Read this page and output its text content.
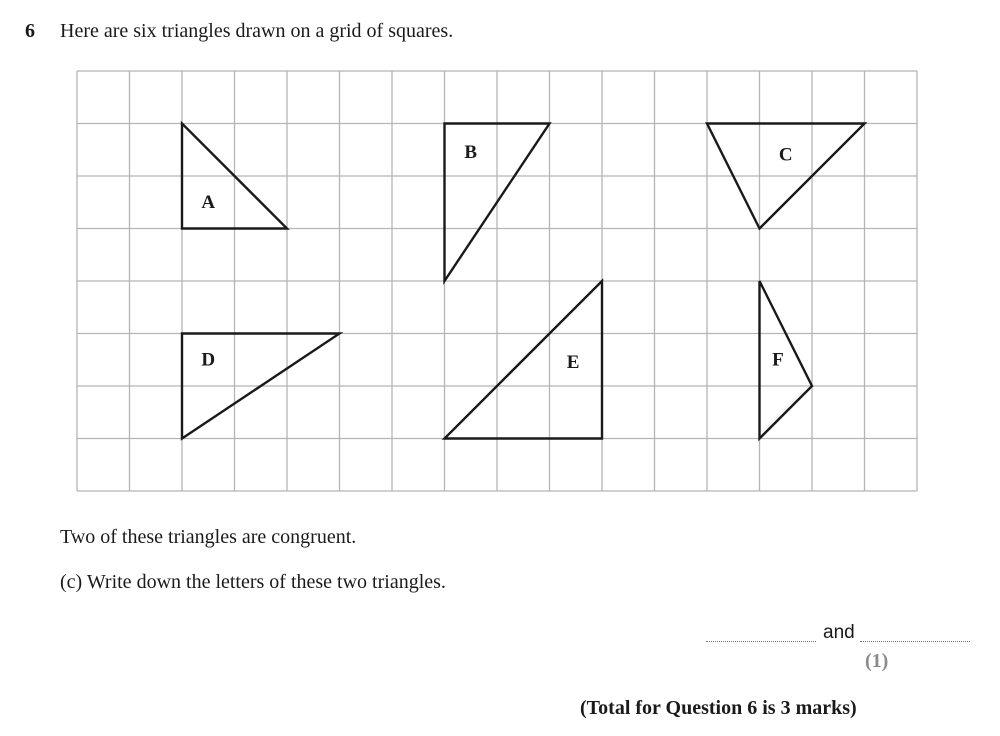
6 Here are six triangles drawn on a grid of squares.
A
B	C
D	E	F
Two of these triangles are congruent.
(c) Write down the letters of these two triangles.
and
(1)
(Total for Question 6 is 3 marks)
